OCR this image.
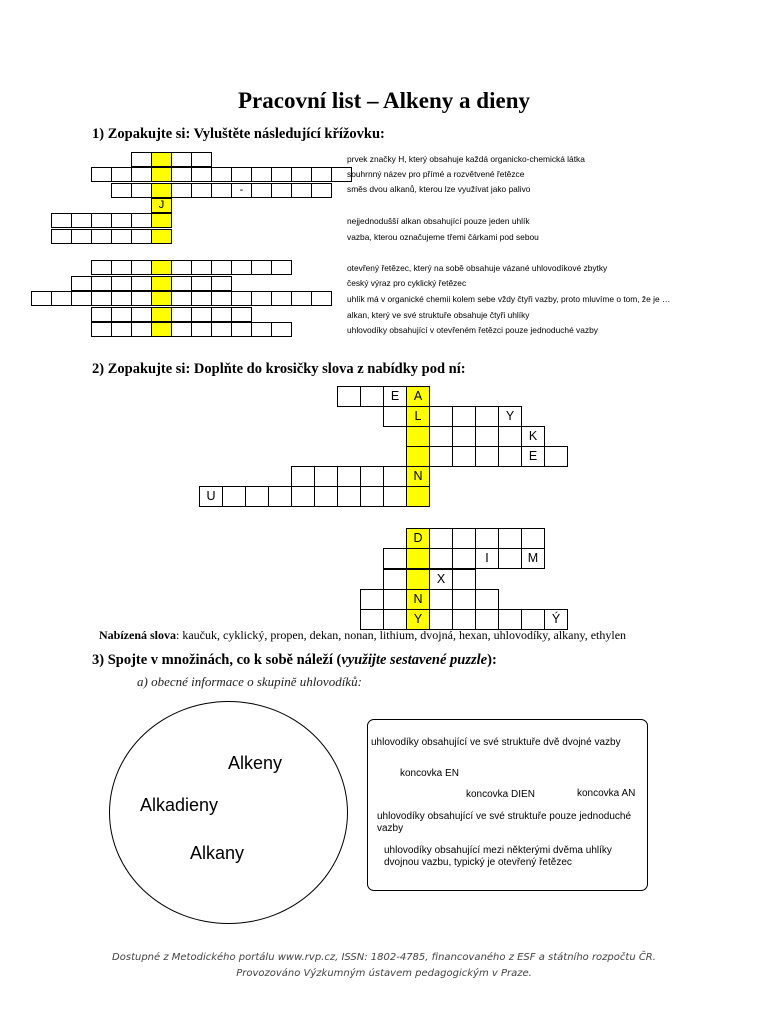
Pracovní list – Alkeny a dieny
1) Zopakujte si: Vyluštěte následující křížovku:
-
J
prvek značky H, který obsahuje každá organicko-chemická látka
souhrnný název pro přímé a rozvětvené řetězce
směs dvou alkanů, kterou lze využívat jako palivo
nejjednodušší alkan obsahující pouze jeden uhlík
vazba, kterou označujeme třemi čárkami pod sebou
otevřený řetězec, který na sobě obsahuje vázané uhlovodíkové zbytky
český výraz pro cyklický řetězec
uhlík má v organické chemii kolem sebe vždy čtyři vazby, proto mluvíme o tom, že je …
alkan, který ve své struktuře obsahuje čtyři uhlíky
uhlovodíky obsahující v otevřeném řetězci pouze jednoduché vazby
2) Zopakujte si: Doplňte do krosičky slova z nabídky pod ní:
E	A
L	Y
K
E
N
U
D
I	M
X
N
Y	Ý
Nabízená slova: kaučuk, cyklický, propen, dekan, nonan, lithium, dvojná, hexan, uhlovodíky, alkany, ethylen
3) Spojte v množinách, co k sobě náleží (využijte sestavené puzzle):
a) obecné informace o skupině uhlovodíků:
Alkeny
Alkadieny
Alkany
uhlovodíky obsahující ve své struktuře dvě dvojné vazby
koncovka EN
koncovka DIEN	koncovka AN
uhlovodíky obsahující ve své struktuře pouze jednoduché vazby
uhlovodíky obsahující mezi některými dvěma uhlíky dvojnou vazbu, typický je otevřený řetězec
Dostupné z Metodického portálu www.rvp.cz, ISSN: 1802-4785, financovaného z ESF a státního rozpočtu ČR.
Provozováno Výzkumným ústavem pedagogickým v Praze.
